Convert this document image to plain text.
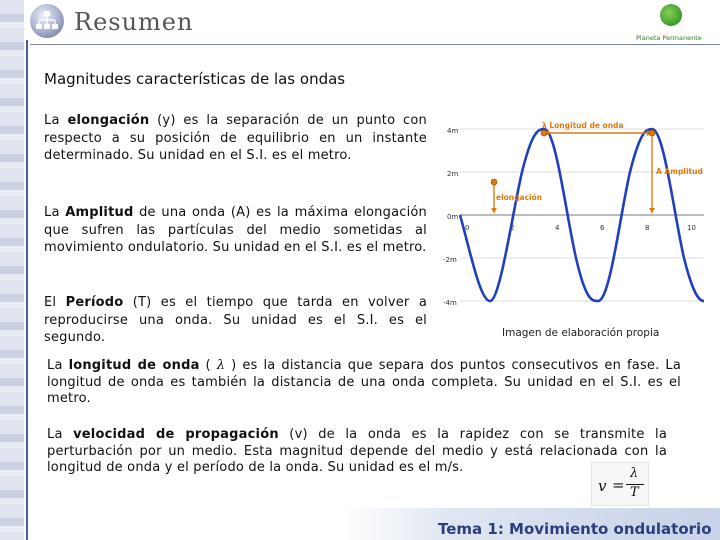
Resumen
Planeta Permanente
Magnitudes características de las ondas
La elongación (y) es la separación de un punto con respecto a su posición de equilibrio en un instante determinado. Su unidad en el S.I. es el metro.
La Amplitud de una onda (A) es la máxima elongación que sufren las partículas del medio sometidas al movimiento ondulatorio. Su unidad en el S.I. es el metro.
El Período (T) es el tiempo que tarda en volver a reproducirse una onda. Su unidad es el S.I. es el segundo.
4m
2m
0m
-2m
-4m
0	2	4	6	8	10
λ Longitud de onda
A Amplitud
elongación
Imagen de elaboración propia
La longitud de onda ( λ ) es la distancia que separa dos puntos consecutivos en fase. La longitud de onda es también la distancia de una onda completa. Su unidad en el S.I. es el metro.
La velocidad de propagación (v) de la onda es la rapidez con se transmite la perturbación por un medio. Esta magnitud depende del medio y está relacionada con la longitud de onda y el período de la onda. Su unidad es el m/s.
v =
λ
T
Tema 1: Movimiento ondulatorio
